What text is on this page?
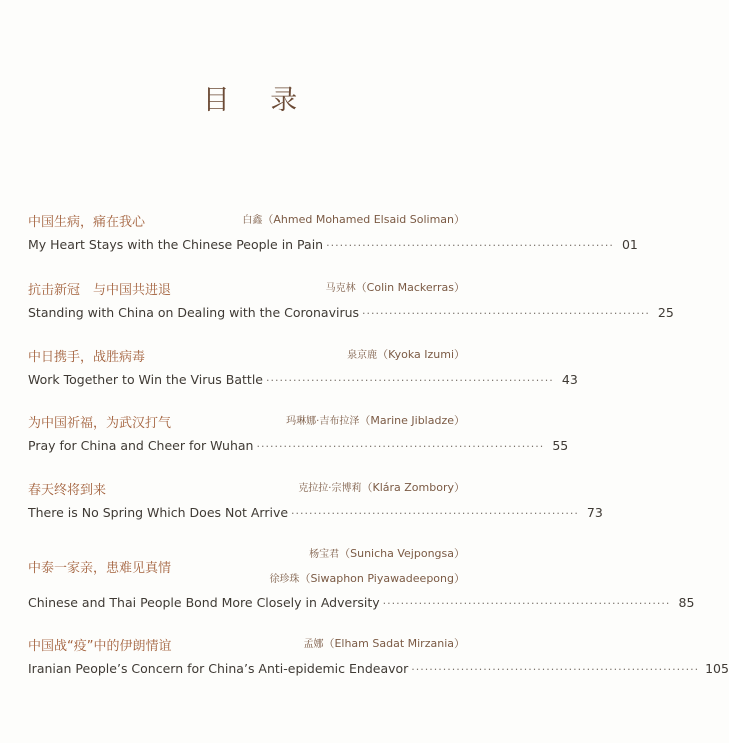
目 录
中国生病，痛在我心	白鑫（Ahmed Mohamed Elsaid Soliman）
My Heart Stays with the Chinese People in Pain ································································ 01
抗击新冠　与中国共进退	马克林（Colin Mackerras）
Standing with China on Dealing with the Coronavirus ································································ 25
中日携手，战胜病毒	泉京鹿（Kyoka Izumi）
Work Together to Win the Virus Battle ································································ 43
为中国祈福，为武汉打气	玛琳娜·吉布拉泽（Marine Jibladze）
Pray for China and Cheer for Wuhan ································································ 55
春天终将到来	克拉拉·宗博莉（Klára Zombory）
There is No Spring Which Does Not Arrive ································································ 73
杨宝君（Sunicha Vejpongsa）
中泰一家亲，患难见真情
徐珍珠（Siwaphon Piyawadeepong）
Chinese and Thai People Bond More Closely in Adversity ································································ 85
中国战“疫”中的伊朗情谊	孟娜（Elham Sadat Mirzania）
Iranian People’s Concern for China’s Anti-epidemic Endeavor ································································ 105
